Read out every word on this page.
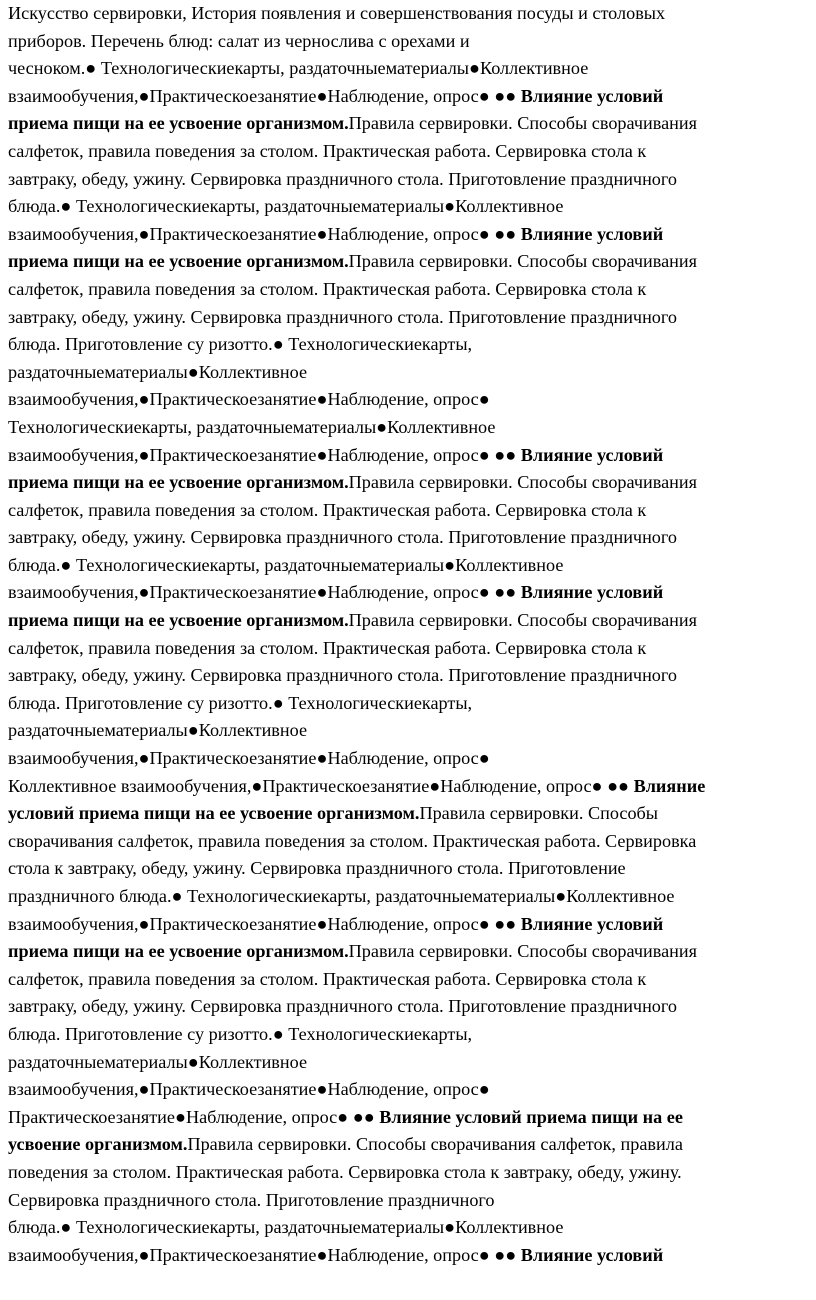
Искусство сервировки, История появления и совершенствования посуды и столовых
приборов. Перечень блюд: салат из чернослива с орехами и
чесноком.● Технологическиекарты, раздаточныематериалы●Коллективное
взаимообучения,●Практическоезанятие●Наблюдение, опрос● ●● Влияние условий
приема пищи на ее усвоение организмом.Правила сервировки. Способы сворачивания
салфеток, правила поведения за столом. Практическая работа. Сервировка стола к
завтраку, обеду, ужину. Сервировка праздничного стола. Приготовление праздничного
блюда.● Технологическиекарты, раздаточныематериалы●Коллективное
взаимообучения,●Практическоезанятие●Наблюдение, опрос● ●● Влияние условий
приема пищи на ее усвоение организмом.Правила сервировки. Способы сворачивания
салфеток, правила поведения за столом. Практическая работа. Сервировка стола к
завтраку, обеду, ужину. Сервировка праздничного стола. Приготовление праздничного
блюда. Приготовление су ризотто.● Технологическиекарты,
раздаточныематериалы●Коллективное
взаимообучения,●Практическоезанятие●Наблюдение, опрос●
Технологическиекарты, раздаточныематериалы●Коллективное
взаимообучения,●Практическоезанятие●Наблюдение, опрос● ●● Влияние условий
приема пищи на ее усвоение организмом.Правила сервировки. Способы сворачивания
салфеток, правила поведения за столом. Практическая работа. Сервировка стола к
завтраку, обеду, ужину. Сервировка праздничного стола. Приготовление праздничного
блюда.● Технологическиекарты, раздаточныематериалы●Коллективное
взаимообучения,●Практическоезанятие●Наблюдение, опрос● ●● Влияние условий
приема пищи на ее усвоение организмом.Правила сервировки. Способы сворачивания
салфеток, правила поведения за столом. Практическая работа. Сервировка стола к
завтраку, обеду, ужину. Сервировка праздничного стола. Приготовление праздничного
блюда. Приготовление су ризотто.● Технологическиекарты,
раздаточныематериалы●Коллективное
взаимообучения,●Практическоезанятие●Наблюдение, опрос●
Коллективное взаимообучения,●Практическоезанятие●Наблюдение, опрос● ●● Влияние
условий приема пищи на ее усвоение организмом.Правила сервировки. Способы
сворачивания салфеток, правила поведения за столом. Практическая работа. Сервировка
стола к завтраку, обеду, ужину. Сервировка праздничного стола. Приготовление
праздничного блюда.● Технологическиекарты, раздаточныематериалы●Коллективное
взаимообучения,●Практическоезанятие●Наблюдение, опрос● ●● Влияние условий
приема пищи на ее усвоение организмом.Правила сервировки. Способы сворачивания
салфеток, правила поведения за столом. Практическая работа. Сервировка стола к
завтраку, обеду, ужину. Сервировка праздничного стола. Приготовление праздничного
блюда. Приготовление су ризотто.● Технологическиекарты,
раздаточныематериалы●Коллективное
взаимообучения,●Практическоезанятие●Наблюдение, опрос●
Практическоезанятие●Наблюдение, опрос● ●● Влияние условий приема пищи на ее
усвоение организмом.Правила сервировки. Способы сворачивания салфеток, правила
поведения за столом. Практическая работа. Сервировка стола к завтраку, обеду, ужину.
Сервировка праздничного стола. Приготовление праздничного
блюда.● Технологическиекарты, раздаточныематериалы●Коллективное
взаимообучения,●Практическоезанятие●Наблюдение, опрос● ●● Влияние условий
